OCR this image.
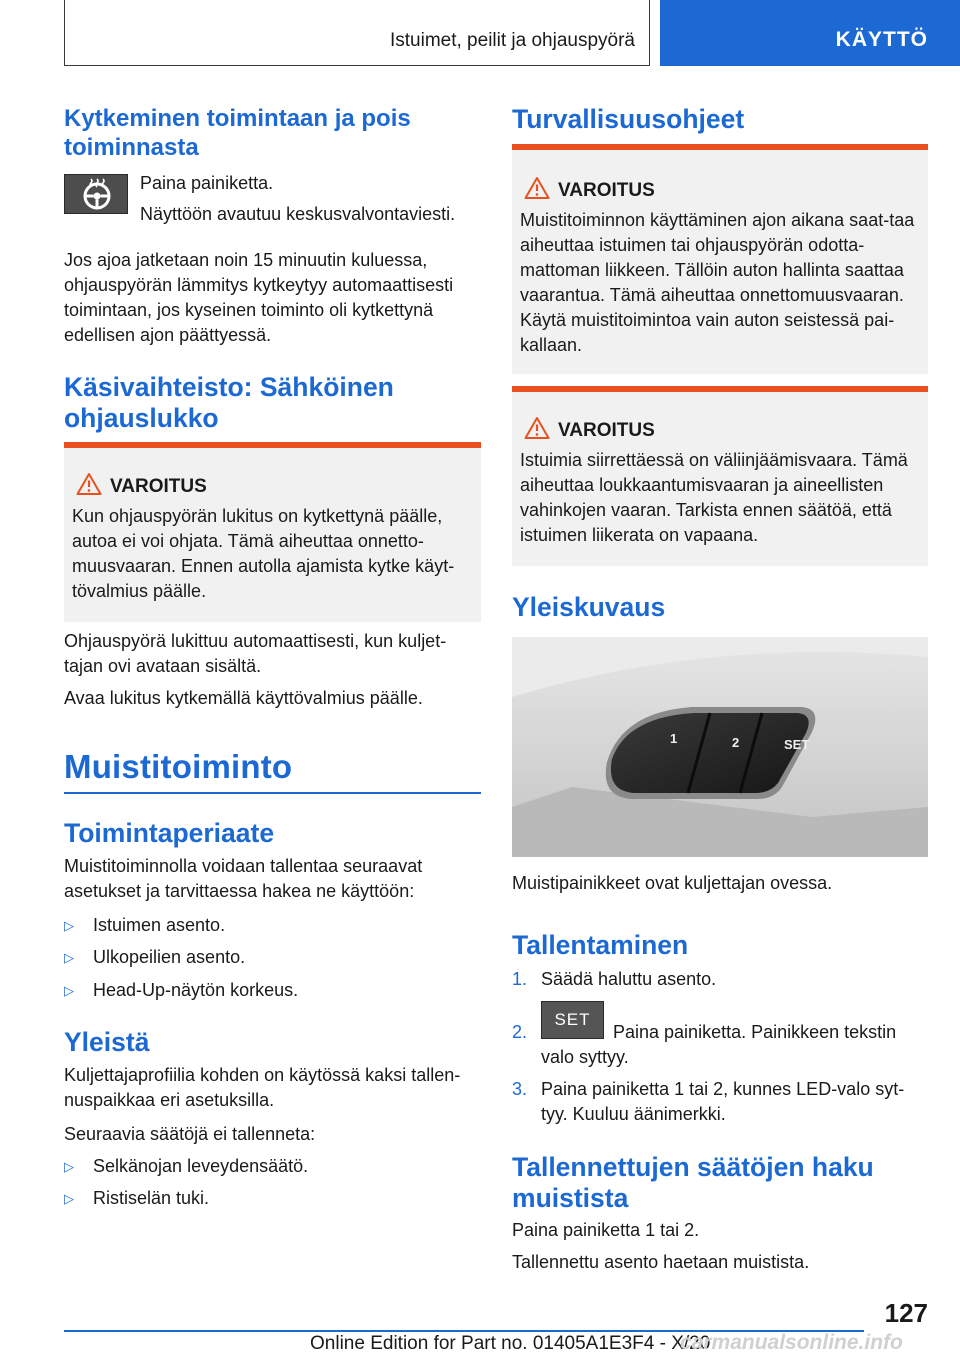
Istuimet, peilit ja ohjauspyörä	KÄYTTÖ
Kytkeminen toimintaan ja pois toiminnasta
Paina painiketta.
Näyttöön avautuu keskusvalvontaviesti.
Jos ajoa jatketaan noin 15 minuutin kuluessa, ohjauspyörän lämmitys kytkeytyy automaattisesti toimintaan, jos kyseinen toiminto oli kytkettynä edellisen ajon päättyessä.
Käsivaihteisto: Sähköinen ohjauslukko
VAROITUS
Kun ohjauspyörän lukitus on kytkettynä päälle, autoa ei voi ohjata. Tämä aiheuttaa onnetto-muusvaaran. Ennen autolla ajamista kytke käyt-tövalmius päälle.
Ohjauspyörä lukittuu automaattisesti, kun kuljet-tajan ovi avataan sisältä.
Avaa lukitus kytkemällä käyttövalmius päälle.
Muistitoiminto
Toimintaperiaate
Muistitoiminnolla voidaan tallentaa seuraavat asetukset ja tarvittaessa hakea ne käyttöön:
▷ Istuimen asento.
▷ Ulkopeilien asento.
▷ Head-Up-näytön korkeus.
Yleistä
Kuljettajaprofiilia kohden on käytössä kaksi tallen-nuspaikkaa eri asetuksilla.
Seuraavia säätöjä ei tallenneta:
▷ Selkänojan leveydensäätö.
▷ Ristiselän tuki.
Turvallisuusohjeet
VAROITUS
Muistitoiminnon käyttäminen ajon aikana saat-taa aiheuttaa istuimen tai ohjauspyörän odotta-mattoman liikkeen. Tällöin auton hallinta saattaa vaarantua. Tämä aiheuttaa onnettomuusvaaran. Käytä muistitoimintoa vain auton seistessä pai-kallaan.
VAROITUS
Istuimia siirrettäessä on väliinjäämisvaara. Tämä aiheuttaa loukkaantumisvaaran ja aineellisten vahinkojen vaaran. Tarkista ennen säätöä, että istuimen liikerata on vapaana.
Yleiskuvaus
1	2	SET
Muistipainikkeet ovat kuljettajan ovessa.
Tallentaminen
1. Säädä haluttu asento.
2.
SET
Paina painiketta. Painikkeen tekstin valo syttyy.
3. Paina painiketta 1 tai 2, kunnes LED-valo syt-tyy. Kuuluu äänimerkki.
Tallennettujen säätöjen haku muistista
Paina painiketta 1 tai 2.
Tallennettu asento haetaan muistista.
127
Online Edition for Part no. 01405A1E3F4 - X/20
carmanualsonline.info
